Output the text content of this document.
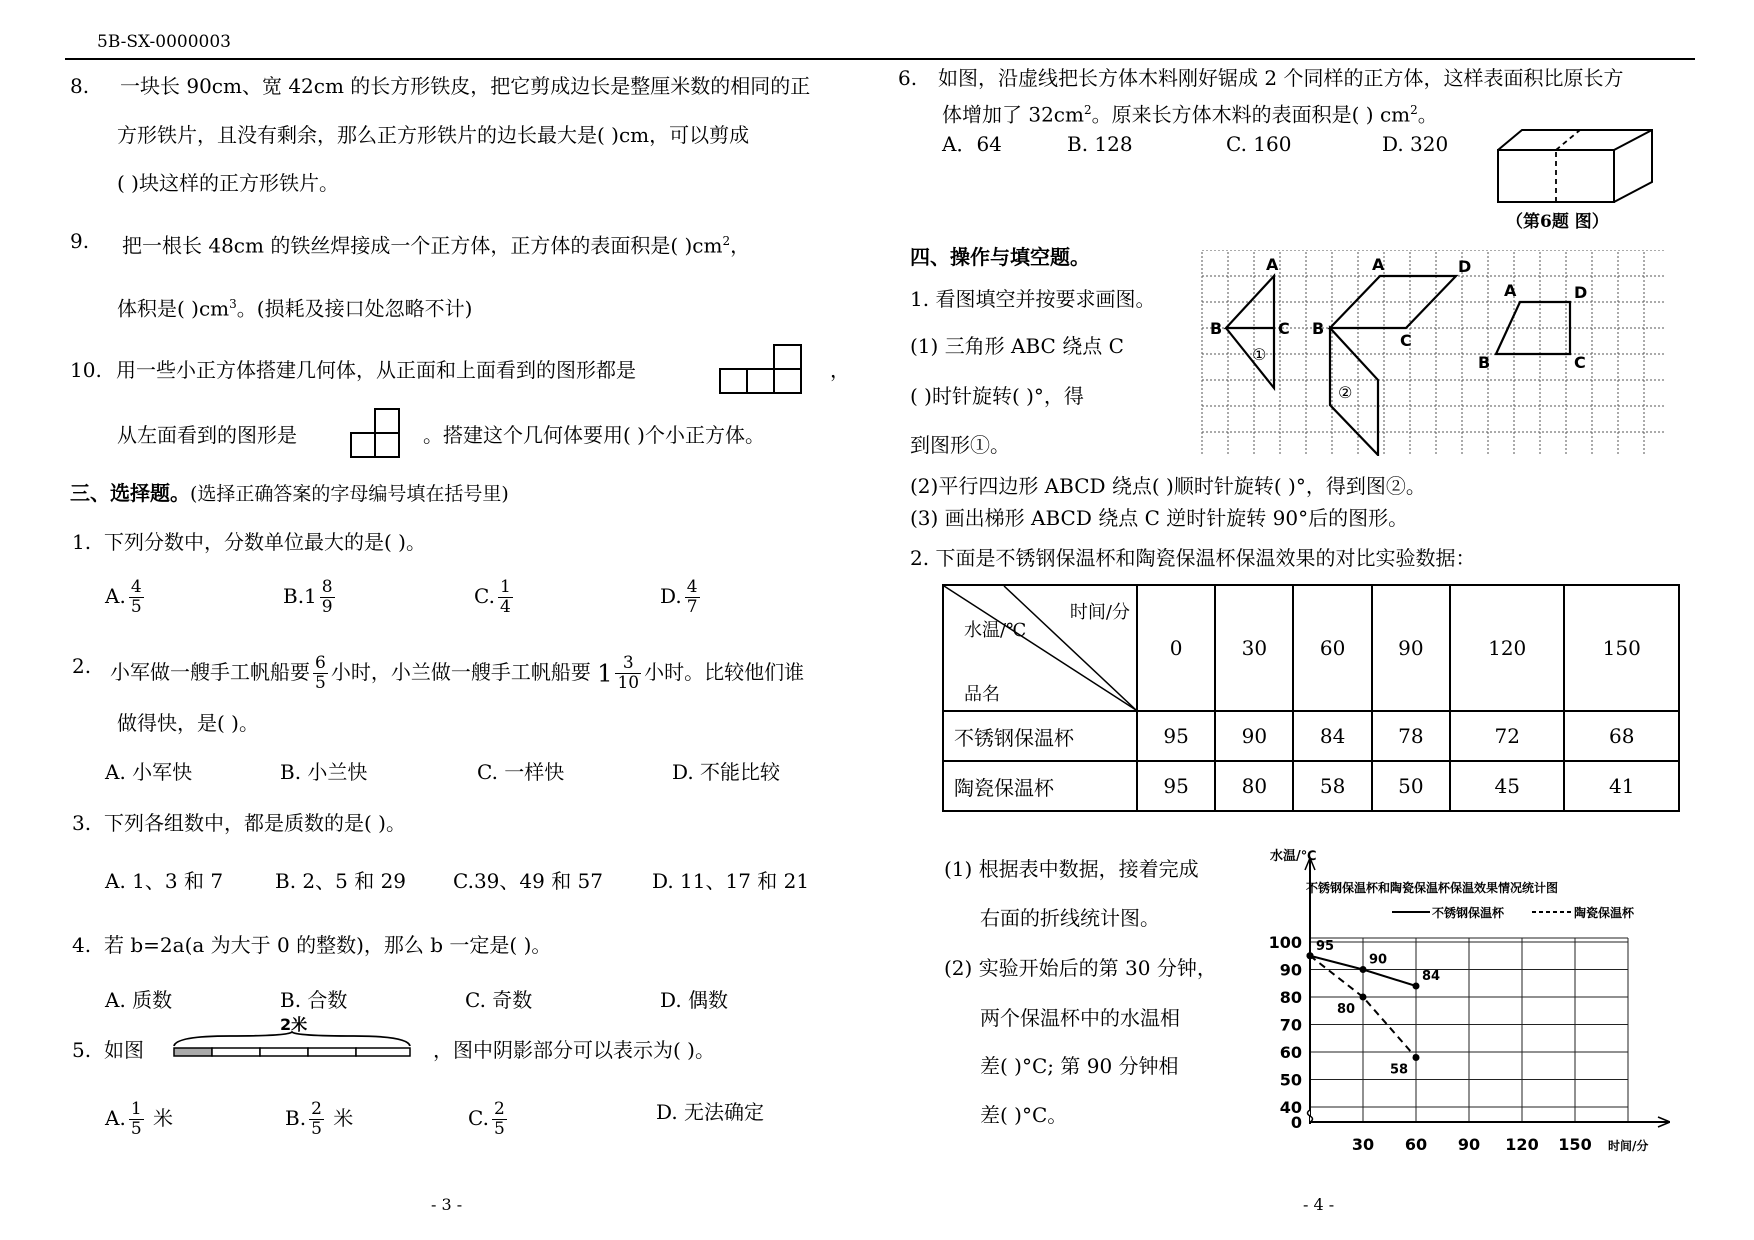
5B-SX-0000003
8. 一块长 90cm、宽 42cm 的长方形铁皮，把它剪成边长是整厘米数的相同的正
方形铁片，且没有剩余，那么正方形铁片的边长最大是( )cm，可以剪成
( )块这样的正方形铁片。
9. 把一根长 48cm 的铁丝焊接成一个正方体，正方体的表面积是( )$cm^2$，
体积是( )$cm^3$。(损耗及接口处忽略不计)
10. 用一些小正方体搭建几何体，从正面和上面看到的图形都是	，
从左面看到的图形是	。搭建这个几何体要用( )个小正方体。
三、选择题。(选择正确答案的字母编号填在括号里)
1. 下列分数中，分数单位最大的是( )。
A. $\frac{4}{5}$	$B.1 \frac{8}{9}$	C. $\frac{1}{4}$	D. $\frac{4}{7}$
2. 小军做一艘手工帆船要 $\frac{6}{5}$ 小时，小兰做一艘手工帆船要 $1 \frac{3}{10}$ 小时。比较他们谁
做得快，是( )。
A. 小军快	B. 小兰快	C. 一样快	D. 不能比较
3. 下列各组数中，都是质数的是( )。
A. 1、3 和 7	B. 2、5 和 29 C.39、49 和 57 D. 11、17 和 21
4. 若 b=2a(a 为大于 0 的整数)，那么 b 一定是( )。
A. 质数	B. 合数	C. 奇数	D. 偶数
5. 如图
2米
，图中阴影部分可以表示为( )。
A. $\frac{1}{5}$ 米	B. $\frac{2}{5}$ 米	C. $\frac{2}{5}$	D. 无法确定
- 3 -
6. 如图，沿虚线把长方体木料刚好锯成 2 个同样的正方体，这样表面积比原长方
体增加了 $32cm^2$。原来长方体木料的表面积是( ) $cm^2$。
A．64	B. 128	C. 160	D. 320
（第6题 图）
四、操作与填空题。
1. 看图填空并按要求画图。
(1) 三角形 ABC 绕点 C
( )时针旋转( )°，得
到图形①。
(2)平行四边形 ABCD 绕点( )顺时针旋转( )°，得到图②。
(3) 画出梯形 ABCD 绕点 C 逆时针旋转 90°后的图形。
A
B	C
①
A	D
B
C
②
A	D
B	C
2. 下面是不锈钢保温杯和陶瓷保温杯保温效果的对比实验数据：
时间/分
水温/℃
品名	0	30	60	90	120	150
不锈钢保温杯	95	90	84	78	72	68
陶瓷保温杯	95	80	58	50	45	41
(1) 根据表中数据，接着完成
右面的折线统计图。
(2) 实验开始后的第 30 分钟，
两个保温杯中的水温相
差( )°C; 第 90 分钟相
差( )°C。
水温/℃
不锈钢保温杯和陶瓷保温杯保温效果情况统计图
不锈钢保温杯	陶瓷保温杯
0
40
50
60
70
80
90
100
30 60 90 120 150
95
90
84
80
58
时间/分
- 4 -
